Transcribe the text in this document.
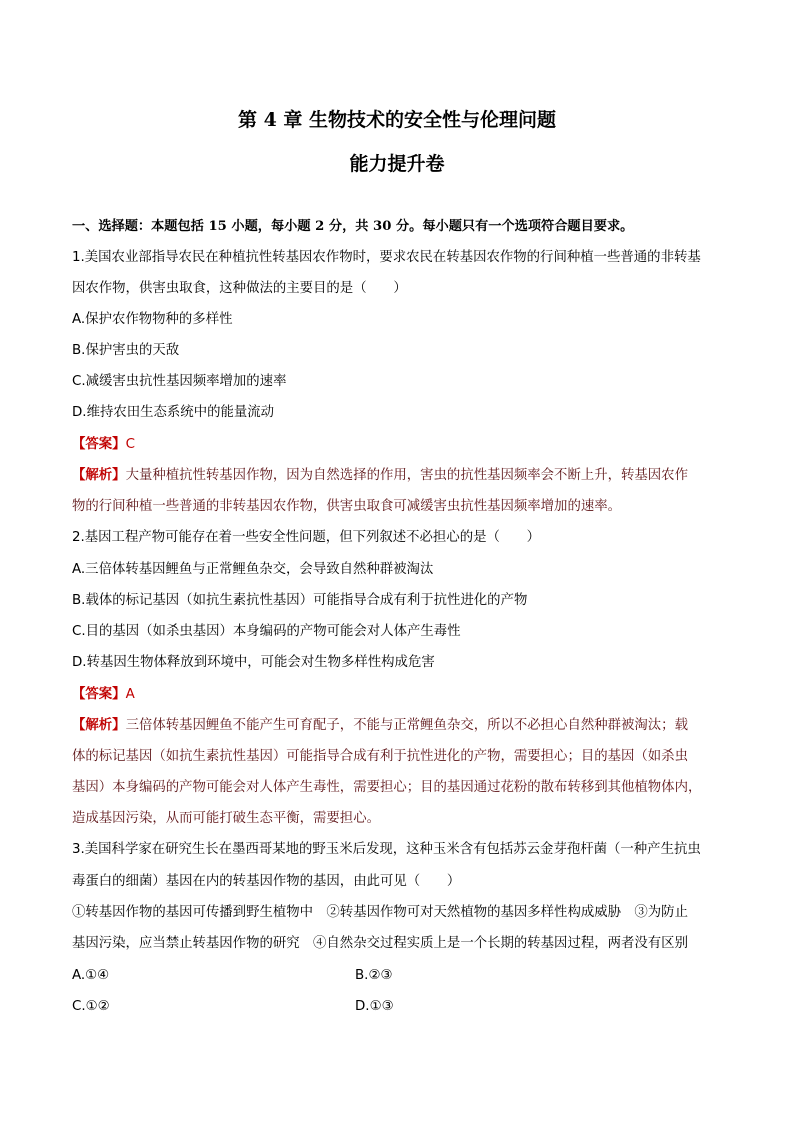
第 4 章 生物技术的安全性与伦理问题
能力提升卷
一、选择题：本题包括 15 小题，每小题 2 分，共 30 分。每小题只有一个选项符合题目要求。
1.美国农业部指导农民在种植抗性转基因农作物时，要求农民在转基因农作物的行间种植一些普通的非转基
因农作物，供害虫取食，这种做法的主要目的是（　　）
A.保护农作物物种的多样性
B.保护害虫的天敌
C.减缓害虫抗性基因频率增加的速率
D.维持农田生态系统中的能量流动
【答案】C
【解析】大量种植抗性转基因作物，因为自然选择的作用，害虫的抗性基因频率会不断上升，转基因农作
物的行间种植一些普通的非转基因农作物，供害虫取食可减缓害虫抗性基因频率增加的速率。
2.基因工程产物可能存在着一些安全性问题，但下列叙述不必担心的是（　　）
A.三倍体转基因鲤鱼与正常鲤鱼杂交，会导致自然种群被淘汰
B.载体的标记基因（如抗生素抗性基因）可能指导合成有利于抗性进化的产物
C.目的基因（如杀虫基因）本身编码的产物可能会对人体产生毒性
D.转基因生物体释放到环境中，可能会对生物多样性构成危害
【答案】A
【解析】三倍体转基因鲤鱼不能产生可育配子，不能与正常鲤鱼杂交，所以不必担心自然种群被淘汰；载
体的标记基因（如抗生素抗性基因）可能指导合成有利于抗性进化的产物，需要担心；目的基因（如杀虫
基因）本身编码的产物可能会对人体产生毒性，需要担心；目的基因通过花粉的散布转移到其他植物体内，
造成基因污染，从而可能打破生态平衡，需要担心。
3.美国科学家在研究生长在墨西哥某地的野玉米后发现，这种玉米含有包括苏云金芽孢杆菌（一种产生抗虫
毒蛋白的细菌）基因在内的转基因作物的基因，由此可见（　　）
①转基因作物的基因可传播到野生植物中　②转基因作物可对天然植物的基因多样性构成威胁　③为防止
基因污染，应当禁止转基因作物的研究　④自然杂交过程实质上是一个长期的转基因过程，两者没有区别
A.①④	B.②③
C.①②	D.①③
